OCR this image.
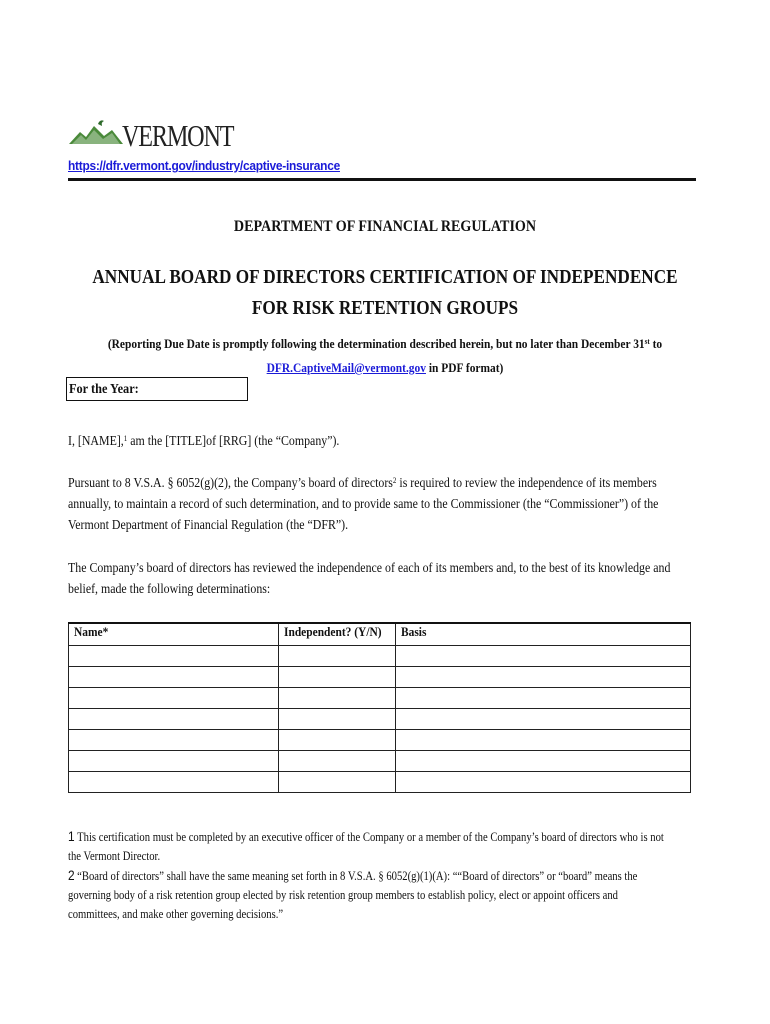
VERMONT
https://dfr.vermont.gov/industry/captive-insurance
DEPARTMENT OF FINANCIAL REGULATION
ANNUAL BOARD OF DIRECTORS CERTIFICATION OF INDEPENDENCE FOR RISK RETENTION GROUPS
(Reporting Due Date is promptly following the determination described herein, but no later than December 31st to
DFR.CaptiveMail@vermont.gov in PDF format)
For the Year:
I, [NAME],$^1$ am the [TITLE]of [RRG] (the “Company”).
Pursuant to 8 V.S.A. § 6052(g)(2), the Company’s board of directors$^2$ is required to review the independence of its members annually, to maintain a record of such determination, and to provide same to the Commissioner (the “Commissioner”) of the Vermont Department of Financial Regulation (the “DFR”).
The Company’s board of directors has reviewed the independence of each of its members and, to the best of its knowledge and belief, made the following determinations:
Name*	Independent? (Y/N)	Basis

1 This certification must be completed by an executive officer of the Company or a member of the Company’s board of directors who is not the Vermont Director.
2 “Board of directors” shall have the same meaning set forth in 8 V.S.A. § 6052(g)(1)(A): ““Board of directors” or “board” means the governing body of a risk retention group elected by risk retention group members to establish policy, elect or appoint officers and committees, and make other governing decisions.”
